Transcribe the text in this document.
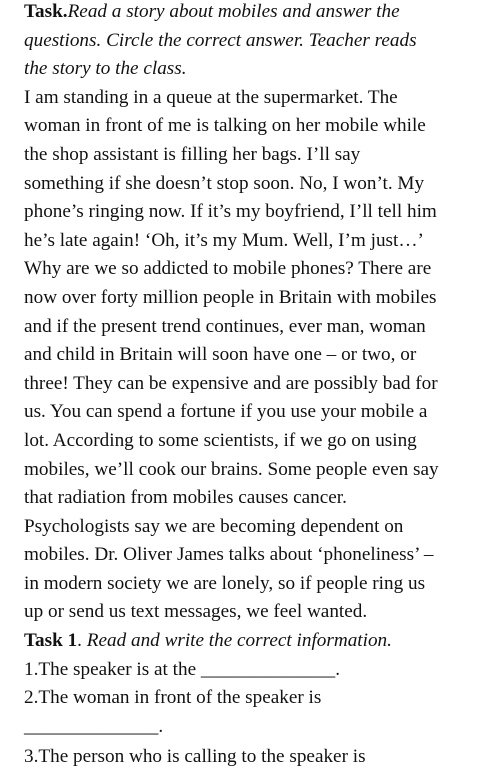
Task.Read a story about mobiles and answer the
questions. Circle the correct answer. Teacher reads
the story to the class.
I am standing in a queue at the supermarket. The
woman in front of me is talking on her mobile while
the shop assistant is filling her bags. I’ll say
something if she doesn’t stop soon. No, I won’t. My
phone’s ringing now. If it’s my boyfriend, I’ll tell him
he’s late again! ‘Oh, it’s my Mum. Well, I’m just…’
Why are we so addicted to mobile phones? There are
now over forty million people in Britain with mobiles
and if the present trend continues, ever man, woman
and child in Britain will soon have one – or two, or
three! They can be expensive and are possibly bad for
us. You can spend a fortune if you use your mobile a
lot. According to some scientists, if we go on using
mobiles, we’ll cook our brains. Some people even say
that radiation from mobiles causes cancer.
Psychologists say we are becoming dependent on
mobiles. Dr. Oliver James talks about ‘phoneliness’ –
in modern society we are lonely, so if people ring us
up or send us text messages, we feel wanted.
Task 1. Read and write the correct information.
1.The speaker is at the ______________.
2.The woman in front of the speaker is
______________.
3.The person who is calling to the speaker is
